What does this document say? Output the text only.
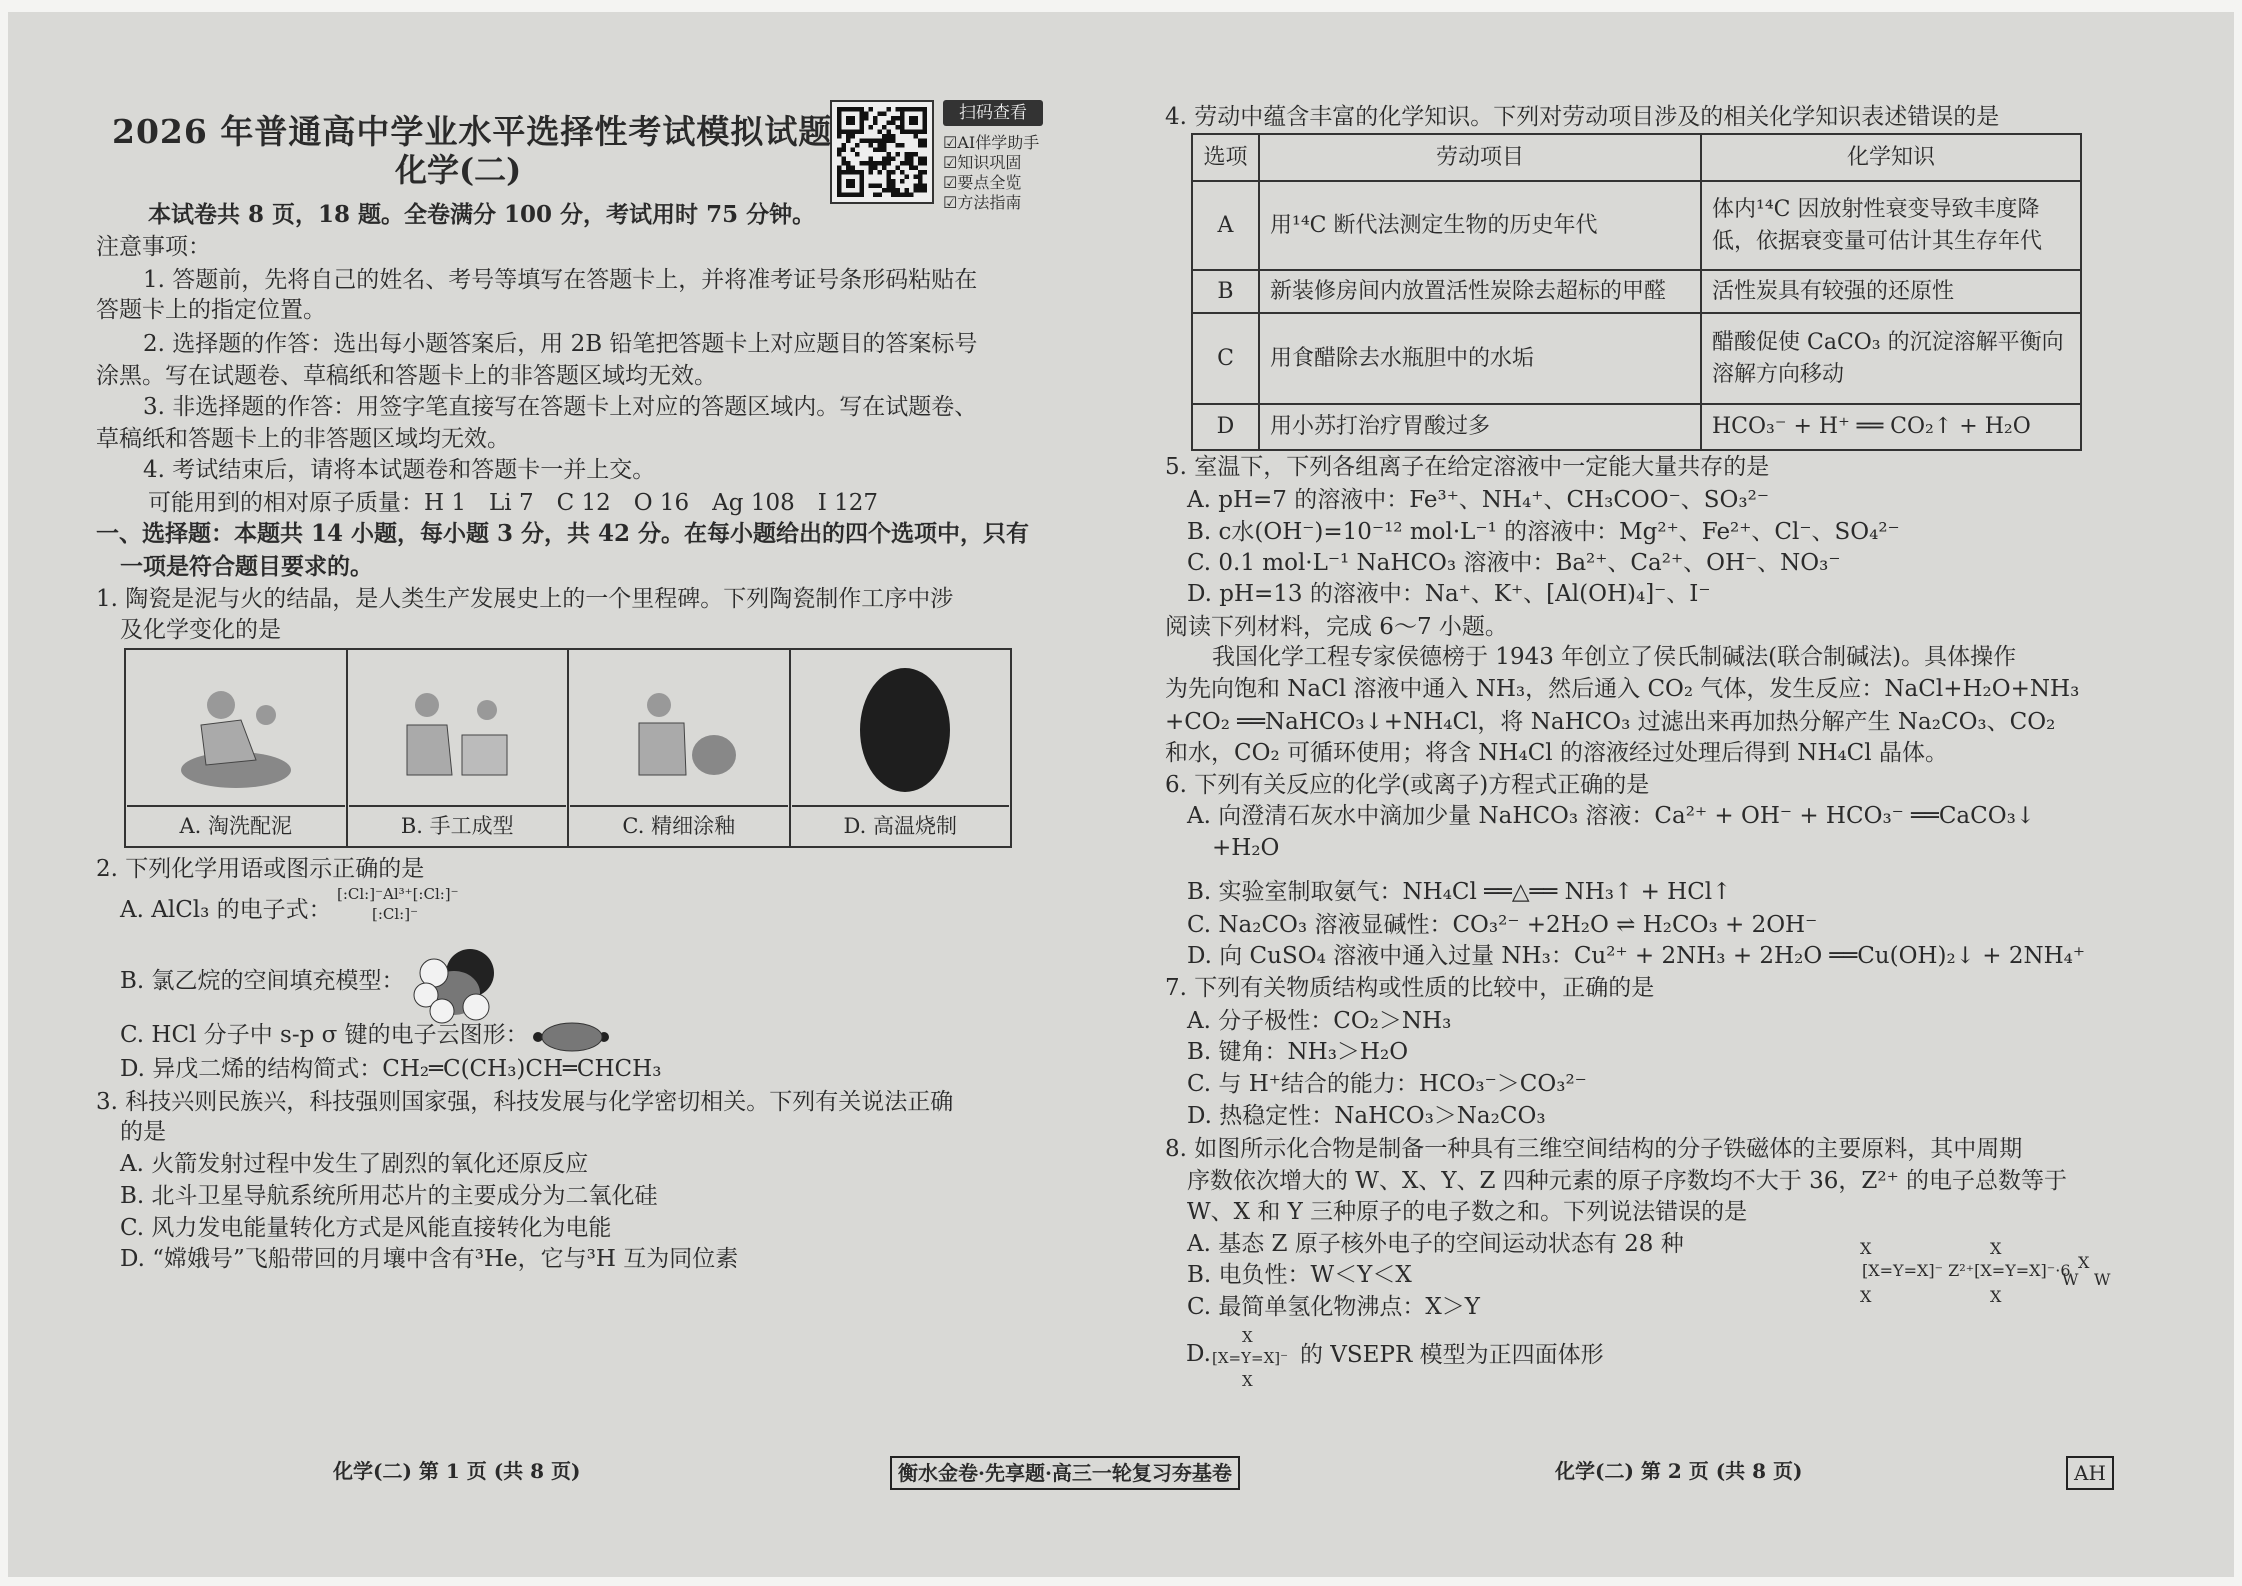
扫码查看
☑AI伴学助手
☑知识巩固
☑要点全览
☑方法指南
A. 淘洗配泥	B. 手工成型	C. 精细涂釉	D. 高温烧制
选项	劳动项目	化学知识
A	用¹⁴C 断代法测定生物的历史年代	体内¹⁴C 因放射性衰变导致丰度降低，依据衰变量可估计其生存年代
B	新装修房间内放置活性炭除去超标的甲醛	活性炭具有较强的还原性
C	用食醋除去水瓶胆中的水垢	醋酸促使 CaCO₃ 的沉淀溶解平衡向溶解方向移动
D	用小苏打治疗胃酸过多	HCO₃⁻ + H⁺ ══ CO₂↑ + H₂O
[:Cl:]⁻Al³⁺[:Cl:]⁻
[:Cl:]⁻
X	X
[X=Y=X]⁻ Z²⁺[X=Y=X]⁻·6 X
W W
X	X
D.
X
[X=Y=X]⁻
X
化学(二) 第 1 页 (共 8 页)	衡水金卷·先享题·高三一轮复习夯基卷	化学(二) 第 2 页 (共 8 页)	AH
2026 年普通高中学业水平选择性考试模拟试题
化学(二)
本试卷共 8 页，18 题。全卷满分 100 分，考试用时 75 分钟。
注意事项：
1. 答题前，先将自己的姓名、考号等填写在答题卡上，并将准考证号条形码粘贴在
答题卡上的指定位置。
2. 选择题的作答：选出每小题答案后，用 2B 铅笔把答题卡上对应题目的答案标号
涂黑。写在试题卷、草稿纸和答题卡上的非答题区域均无效。
3. 非选择题的作答：用签字笔直接写在答题卡上对应的答题区域内。写在试题卷、
草稿纸和答题卡上的非答题区域均无效。
4. 考试结束后，请将本试题卷和答题卡一并上交。
可能用到的相对原子质量：H 1　Li 7　C 12　O 16　Ag 108　I 127
一、选择题：本题共 14 小题，每小题 3 分，共 42 分。在每小题给出的四个选项中，只有
一项是符合题目要求的。
1. 陶瓷是泥与火的结晶，是人类生产发展史上的一个里程碑。下列陶瓷制作工序中涉
及化学变化的是
2. 下列化学用语或图示正确的是
A. AlCl₃ 的电子式：
B. 氯乙烷的空间填充模型：
C. HCl 分子中 s-p σ 键的电子云图形：
D. 异戊二烯的结构简式：CH₂═C(CH₃)CH═CHCH₃
3. 科技兴则民族兴，科技强则国家强，科技发展与化学密切相关。下列有关说法正确
的是
A. 火箭发射过程中发生了剧烈的氧化还原反应
B. 北斗卫星导航系统所用芯片的主要成分为二氧化硅
C. 风力发电能量转化方式是风能直接转化为电能
D. “嫦娥号”飞船带回的月壤中含有³He，它与³H 互为同位素
4. 劳动中蕴含丰富的化学知识。下列对劳动项目涉及的相关化学知识表述错误的是
5. 室温下，下列各组离子在给定溶液中一定能大量共存的是
A. pH=7 的溶液中：Fe³⁺、NH₄⁺、CH₃COO⁻、SO₃²⁻
B. c水(OH⁻)=10⁻¹² mol·L⁻¹ 的溶液中：Mg²⁺、Fe²⁺、Cl⁻、SO₄²⁻
C. 0.1 mol·L⁻¹ NaHCO₃ 溶液中：Ba²⁺、Ca²⁺、OH⁻、NO₃⁻
D. pH=13 的溶液中：Na⁺、K⁺、[Al(OH)₄]⁻、I⁻
阅读下列材料，完成 6～7 小题。
我国化学工程专家侯德榜于 1943 年创立了侯氏制碱法(联合制碱法)。具体操作
为先向饱和 NaCl 溶液中通入 NH₃，然后通入 CO₂ 气体，发生反应：NaCl+H₂O+NH₃
+CO₂ ══NaHCO₃↓+NH₄Cl，将 NaHCO₃ 过滤出来再加热分解产生 Na₂CO₃、CO₂
和水，CO₂ 可循环使用；将含 NH₄Cl 的溶液经过处理后得到 NH₄Cl 晶体。
6. 下列有关反应的化学(或离子)方程式正确的是
A. 向澄清石灰水中滴加少量 NaHCO₃ 溶液：Ca²⁺ + OH⁻ + HCO₃⁻ ══CaCO₃↓
+H₂O
B. 实验室制取氨气：NH₄Cl ══△══ NH₃↑ + HCl↑
C. Na₂CO₃ 溶液显碱性：CO₃²⁻ +2H₂O ⇌ H₂CO₃ + 2OH⁻
D. 向 CuSO₄ 溶液中通入过量 NH₃：Cu²⁺ + 2NH₃ + 2H₂O ══Cu(OH)₂↓ + 2NH₄⁺
7. 下列有关物质结构或性质的比较中，正确的是
A. 分子极性：CO₂＞NH₃
B. 键角：NH₃＞H₂O
C. 与 H⁺结合的能力：HCO₃⁻＞CO₃²⁻
D. 热稳定性：NaHCO₃＞Na₂CO₃
8. 如图所示化合物是制备一种具有三维空间结构的分子铁磁体的主要原料，其中周期
序数依次增大的 W、X、Y、Z 四种元素的原子序数均不大于 36，Z²⁺ 的电子总数等于
W、X 和 Y 三种原子的电子数之和。下列说法错误的是
A. 基态 Z 原子核外电子的空间运动状态有 28 种
B. 电负性：W＜Y＜X
C. 最简单氢化物沸点：X＞Y
的 VSEPR 模型为正四面体形
